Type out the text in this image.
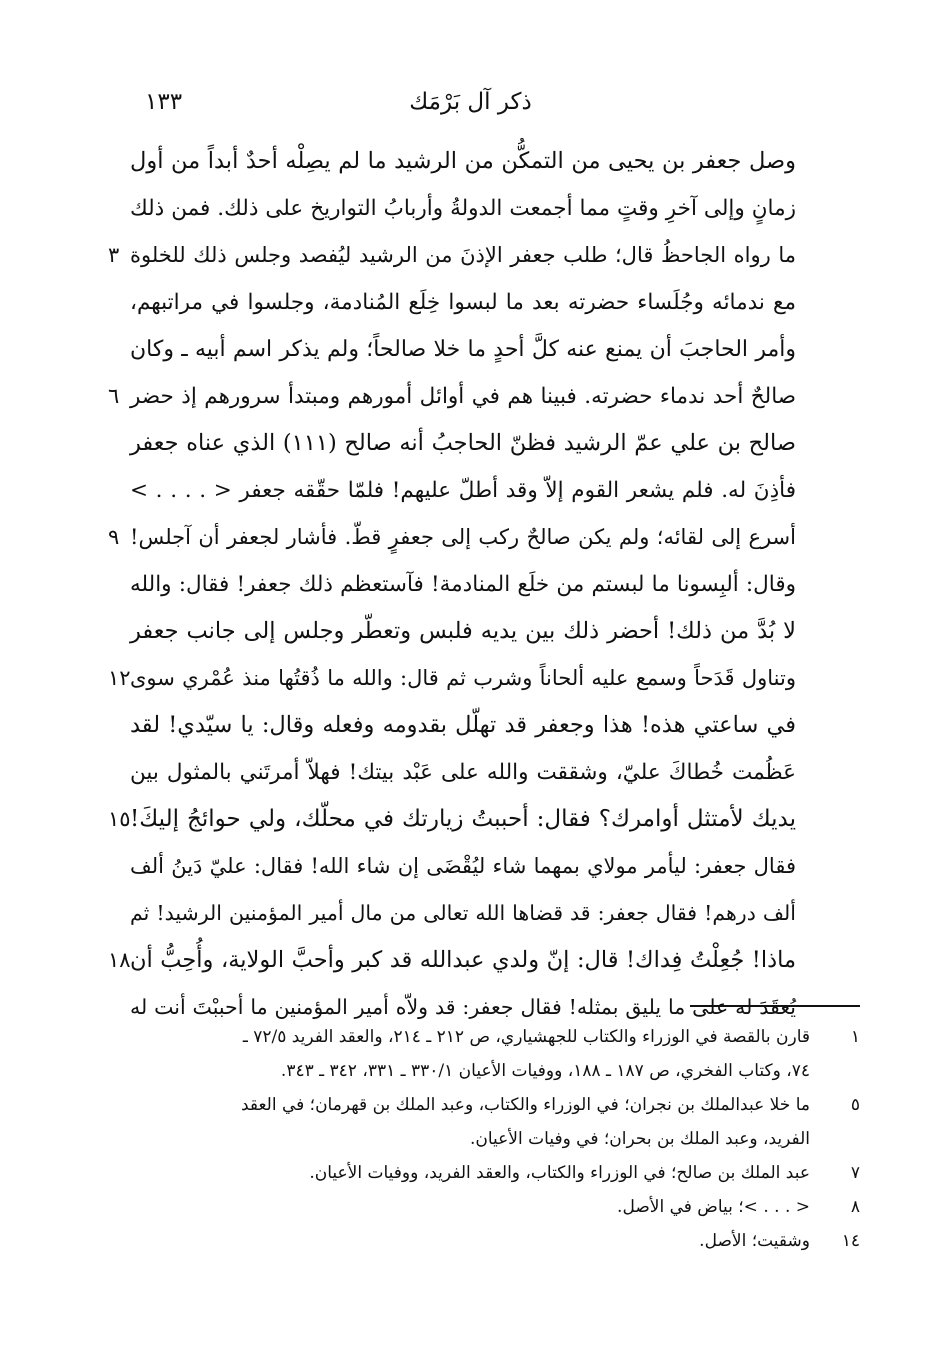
ذكر آل بَرْمَك
١٣٣
وصل جعفر بن يحيى من التمكُّن من الرشيد ما لم يصِلْه أحدٌ أبداً من أول
زمانٍ وإلى آخرِ وقتٍ مما أجمعت الدولةُ وأربابُ التواريخ على ذلك. فمن ذلك
ما رواه الجاحظُ قال؛ طلب جعفر الإذنَ من الرشيد ليُفصد وجلس ذلك للخلوة
٣
مع ندمائه وجُلَساء حضرته بعد ما لبسوا خِلَع المُنادمة، وجلسوا في مراتبهم،
وأمر الحاجبَ أن يمنع عنه كلَّ أحدٍ ما خلا صالحاً؛ ولم يذكر اسم أبيه ـ وكان
صالحٌ أحد ندماء حضرته. فبينا هم في أوائل أمورهم ومبتدأ سرورهم إذ حضر
٦
صالح بن علي عمّ الرشيد فظنّ الحاجبُ أنه صالح (١١١) الذي عناه جعفر
فأذِنَ له. فلم يشعر القوم إلاّ وقد أطلّ عليهم! فلمّا حقّقه جعفر < . . . . >
أسرع إلى لقائه؛ ولم يكن صالحٌ ركب إلى جعفرٍ قطّ. فأشار لجعفر أن آجلس!
٩
وقال: ألبِسونا ما لبستم من خلَع المنادمة! فآستعظم ذلك جعفر! فقال: والله
لا بُدَّ من ذلك! أحضر ذلك بين يديه فلبس وتعطّر وجلس إلى جانب جعفر
وتناول قَدَحاً وسمع عليه ألحاناً وشرب ثم قال: والله ما ذُقتُها منذ عُمْري سوى
١٢
في ساعتي هذه! هذا وجعفر قد تهلّل بقدومه وفعله وقال: يا سيّدي! لقد
عَظُمت خُطاكَ عليّ، وشققت والله على عَبْد بيتك! فهلاّ أمرتَني بالمثول بين
يديك لأمتثل أوامرك؟ فقال: أحببتُ زيارتك في محلّك، ولي حوائجُ إليكَ!
١٥
فقال جعفر: ليأمر مولاي بمهما شاء ليُقْضَى إن شاء الله! فقال: عليّ دَينُ ألف
ألف درهم! فقال جعفر: قد قضاها الله تعالى من مال أمير المؤمنين الرشيد! ثم
ماذا! جُعِلْتُ فِداك! قال: إنّ ولدي عبدالله قد كبر وأحبَّ الولاية، وأُحِبُّ أن
١٨
يُعقَدَ له على ما يليق بمثله! فقال جعفر: قد ولاّه أمير المؤمنين ما أحببْتَ أنت له
١
قارن بالقصة في الوزراء والكتاب للجهشياري، ص ٢١٢ ـ ٢١٤، والعقد الفريد ٧٢/٥ ـ
٧٤، وكتاب الفخري، ص ١٨٧ ـ ١٨٨، ووفيات الأعيان ٣٣٠/١ ـ ٣٣١، ٣٤٢ ـ ٣٤٣.
٥
ما خلا عبدالملك بن نجران؛ في الوزراء والكتاب، وعبد الملك بن قهرمان؛ في العقد
الفريد، وعبد الملك بن بحران؛ في وفيات الأعيان.
٧
عبد الملك بن صالح؛ في الوزراء والكتاب، والعقد الفريد، ووفيات الأعيان.
٨
< . . . >؛ بياض في الأصل.
١٤
وشقيت؛ الأصل.
